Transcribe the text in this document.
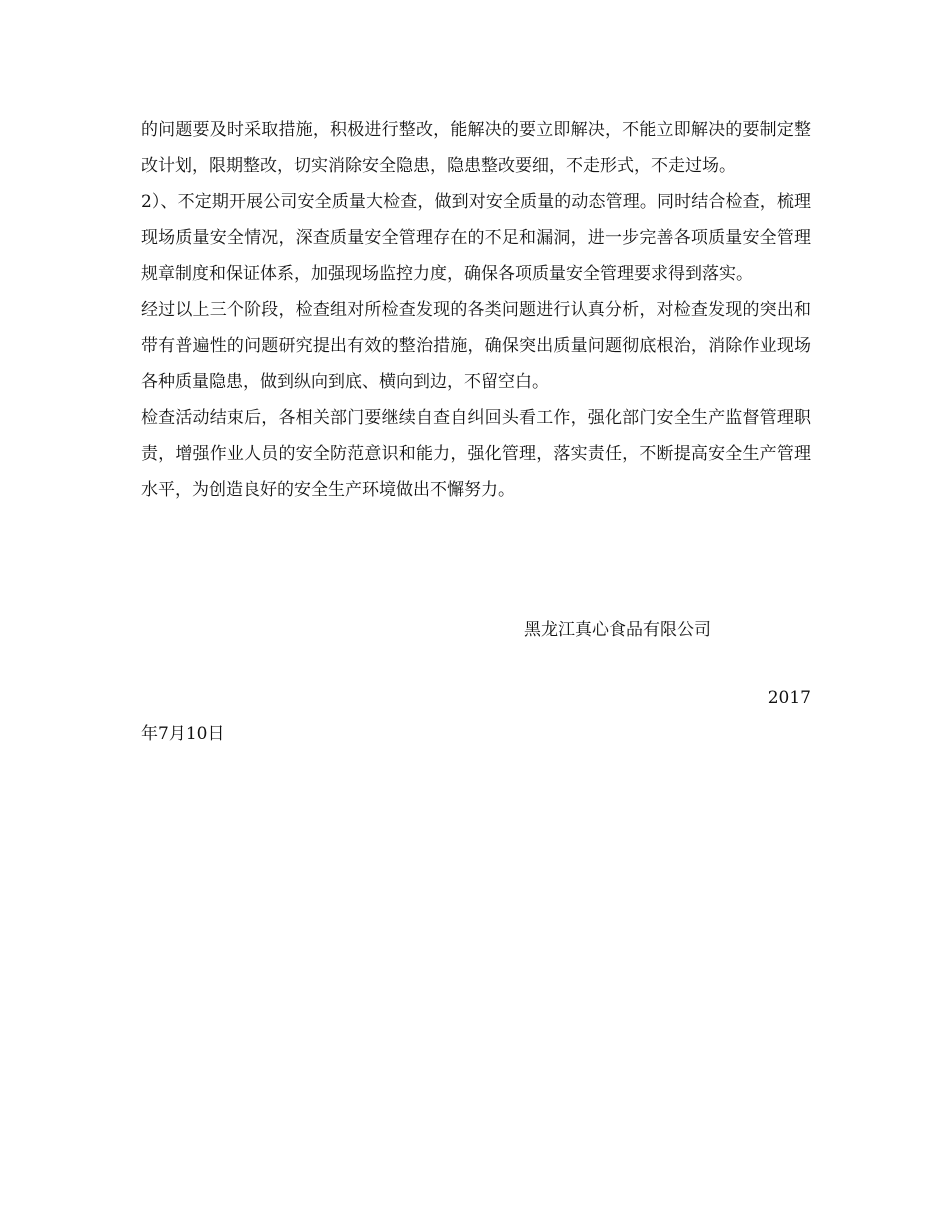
的问题要及时采取措施，积极进行整改，能解决的要立即解决，不能立即解决的要制定整改计划，限期整改，切实消除安全隐患，隐患整改要细，不走形式，不走过场。

2）、不定期开展公司安全质量大检查，做到对安全质量的动态管理。同时结合检查，梳理现场质量安全情况，深查质量安全管理存在的不足和漏洞，进一步完善各项质量安全管理规章制度和保证体系，加强现场监控力度，确保各项质量安全管理要求得到落实。

经过以上三个阶段，检查组对所检查发现的各类问题进行认真分析，对检查发现的突出和带有普遍性的问题研究提出有效的整治措施，确保突出质量问题彻底根治，消除作业现场各种质量隐患，做到纵向到底、横向到边，不留空白。

检查活动结束后，各相关部门要继续自查自纠回头看工作，强化部门安全生产监督管理职责，增强作业人员的安全防范意识和能力，强化管理，落实责任，不断提高安全生产管理水平，为创造良好的安全生产环境做出不懈努力。

黑龙江真心食品有限公司
2017
年7月10日
